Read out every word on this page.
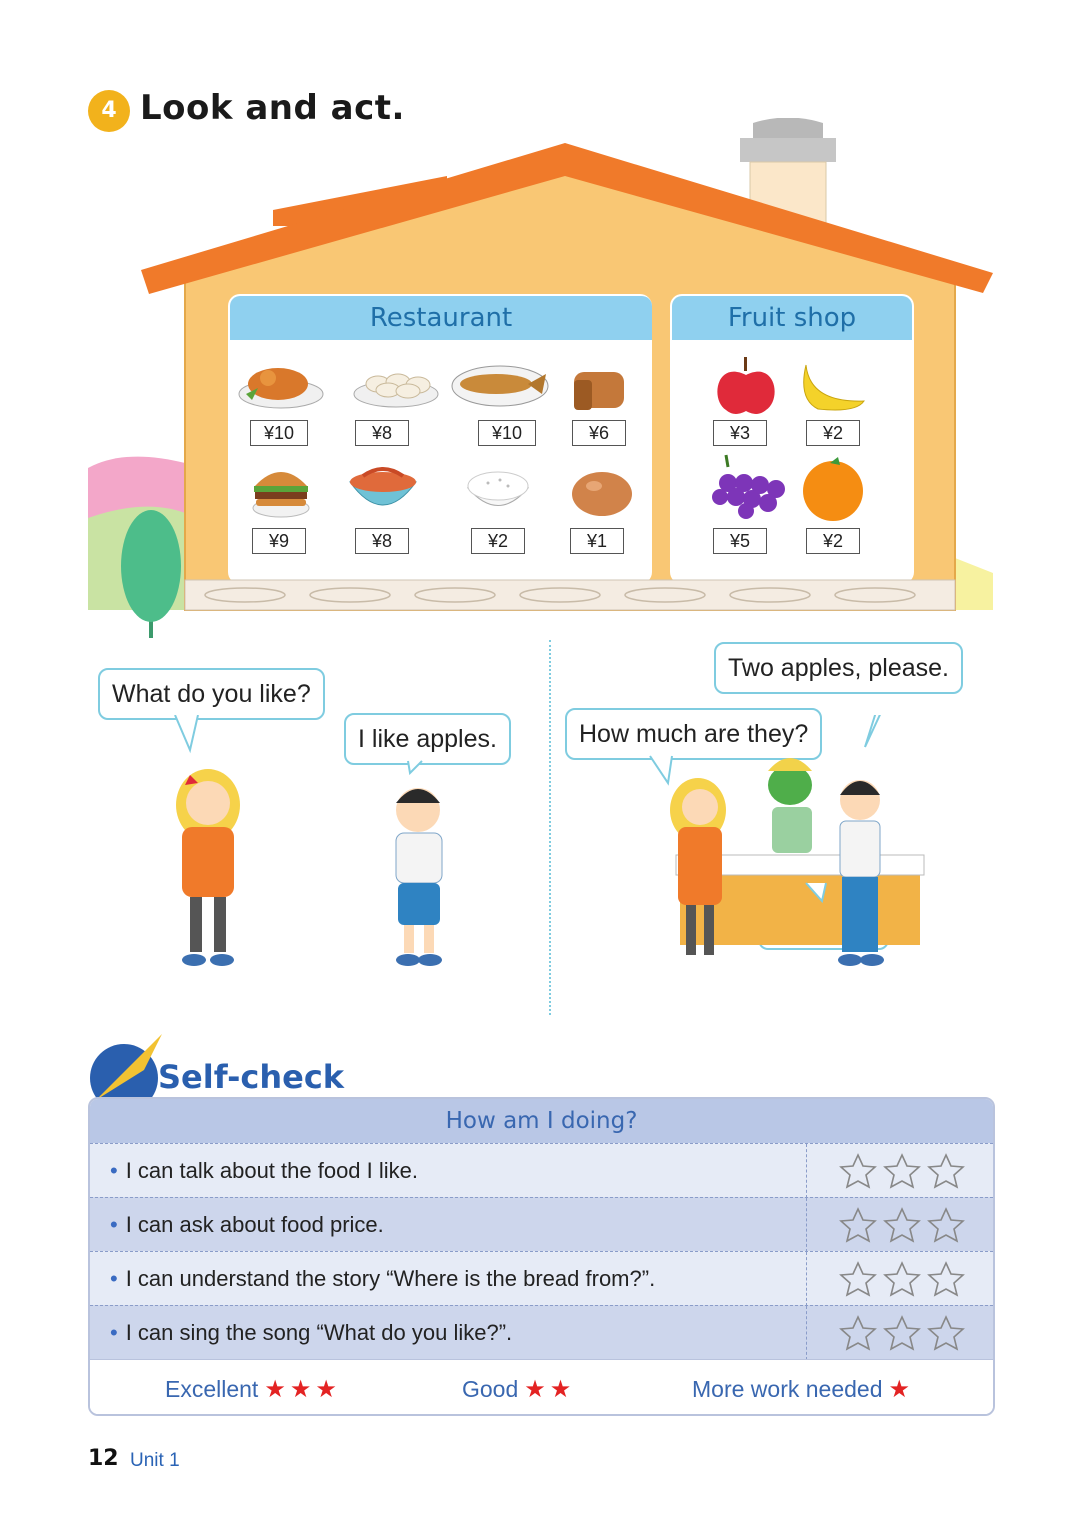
4 Look and act.
Restaurant	Fruit shop
¥10	¥8	¥10	¥6
¥9	¥8	¥2	¥1
¥3	¥2
¥5	¥2
What do you like?
I like apples.
Two apples, please.
How much are they?
Self-check
How am I doing?
• I can talk about the food I like.
• I can ask about food price.
• I can understand the story “Where is the bread from?”.
• I can sing the song “What do you like?”.
Excellent ★★★	Good ★★	More work needed ★
12 Unit 1
